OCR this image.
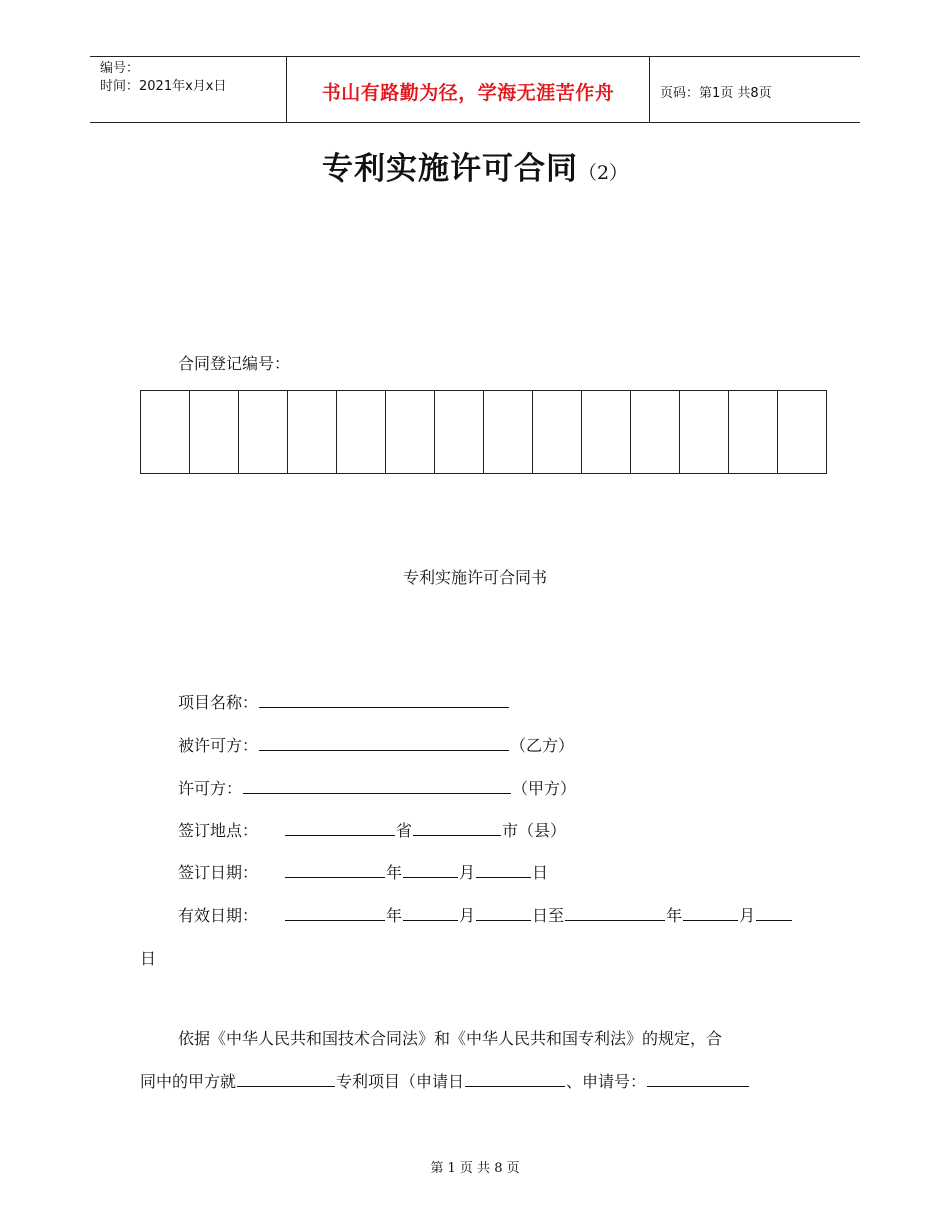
编号：
时间：2021年x月x日	书山有路勤为径，学海无涯苦作舟	页码：第1页 共8页
专利实施许可合同（2）
合同登记编号：
专利实施许可合同书
项目名称：
被许可方：	（乙方）
许可方：	（甲方）
签订地点：	省	市（县）
签订日期：	年	月	日
有效日期：	年	月	日至	年	月
日
依据《中华人民共和国技术合同法》和《中华人民共和国专利法》的规定，合
同中的甲方就	专利项目（申请日	、申请号：
第 1 页 共 8 页
